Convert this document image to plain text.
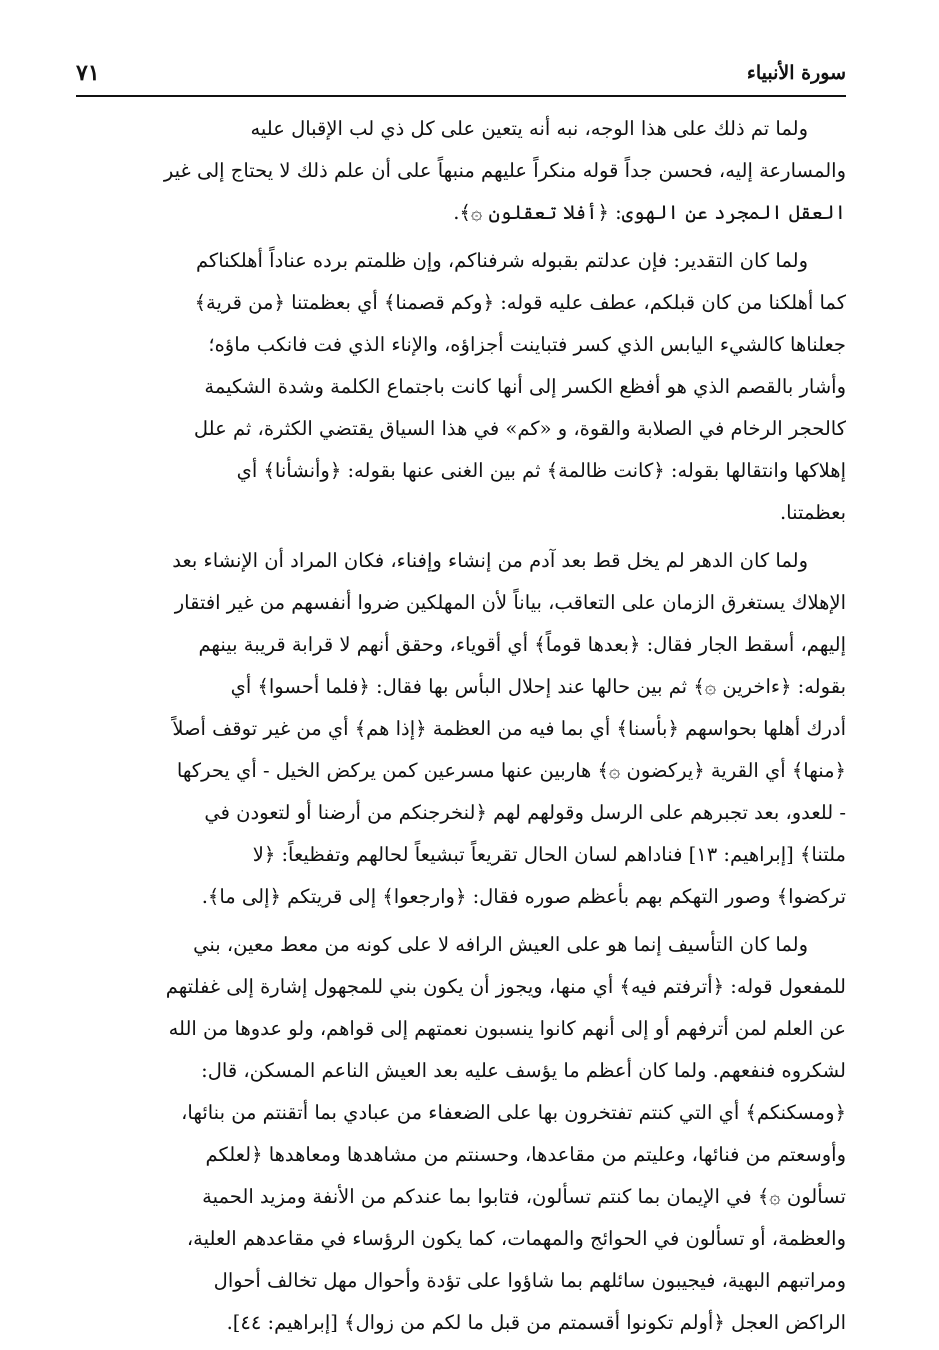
سورة الأنبياء
٧١
ولما تم ذلك على هذا الوجه، نبه أنه يتعين على كل ذي لب الإقبال عليه
والمسارعة إليه، فحسن جداً قوله منكراً عليهم منبهاً على أن علم ذلك لا يحتاج إلى غير
العقل المجرد عن الهوى: ﴿أفلا تعقلون ۞﴾.
ولما كان التقدير: فإن عدلتم بقبوله شرفناكم، وإن ظلمتم برده عناداً أهلكناكم
كما أهلكنا من كان قبلكم، عطف عليه قوله: ﴿وكم قصمنا﴾ أي بعظمتنا ﴿من قرية﴾
جعلناها كالشيء اليابس الذي كسر فتباينت أجزاؤه، والإناء الذي فت فانكب ماؤه؛
وأشار بالقصم الذي هو أفظع الكسر إلى أنها كانت باجتماع الكلمة وشدة الشكيمة
كالحجر الرخام في الصلابة والقوة، و «كم» في هذا السياق يقتضي الكثرة، ثم علل
إهلاكها وانتقالها بقوله: ﴿كانت ظالمة﴾ ثم بين الغنى عنها بقوله: ﴿وأنشأنا﴾ أي
بعظمتنا.
ولما كان الدهر لم يخل قط بعد آدم من إنشاء وإفناء، فكان المراد أن الإنشاء بعد
الإهلاك يستغرق الزمان على التعاقب، بياناً لأن المهلكين ضروا أنفسهم من غير افتقار
إليهم، أسقط الجار فقال: ﴿بعدها قوماً﴾ أي أقوياء، وحقق أنهم لا قرابة قريبة بينهم
بقوله: ﴿ءاخرين ۞﴾ ثم بين حالها عند إحلال البأس بها فقال: ﴿فلما أحسوا﴾ أي
أدرك أهلها بحواسهم ﴿بأسنا﴾ أي بما فيه من العظمة ﴿إذا هم﴾ أي من غير توقف أصلاً
﴿منها﴾ أي القرية ﴿يركضون ۞﴾ هاربين عنها مسرعين كمن يركض الخيل - أي يحركها
- للعدو، بعد تجبرهم على الرسل وقولهم لهم ﴿لنخرجنكم من أرضنا أو لتعودن في
ملتنا﴾ [إبراهيم: ١٣] فناداهم لسان الحال تقريعاً تبشيعاً لحالهم وتفظيعاً: ﴿لا
تركضوا﴾ وصور التهكم بهم بأعظم صوره فقال: ﴿وارجعوا﴾ إلى قريتكم ﴿إلى ما﴾.
ولما كان التأسيف إنما هو على العيش الرافه لا على كونه من معط معين، بني
للمفعول قوله: ﴿أترفتم فيه﴾ أي منها، ويجوز أن يكون بني للمجهول إشارة إلى غفلتهم
عن العلم لمن أترفهم أو إلى أنهم كانوا ينسبون نعمتهم إلى قواهم، ولو عدوها من الله
لشكروه فنفعهم. ولما كان أعظم ما يؤسف عليه بعد العيش الناعم المسكن، قال:
﴿ومسكنكم﴾ أي التي كنتم تفتخرون بها على الضعفاء من عبادي بما أتقنتم من بنائها،
وأوسعتم من فنائها، وعليتم من مقاعدها، وحسنتم من مشاهدها ومعاهدها ﴿لعلكم
تسألون ۞﴾ في الإيمان بما كنتم تسألون، فتابوا بما عندكم من الأنفة ومزيد الحمية
والعظمة، أو تسألون في الحوائج والمهمات، كما يكون الرؤساء في مقاعدهم العلية،
ومراتبهم البهية، فيجيبون سائلهم بما شاؤوا على تؤدة وأحوال مهل تخالف أحوال
الراكض العجل ﴿أولم تكونوا أقسمتم من قبل ما لكم من زوال﴾ [إبراهيم: ٤٤].
